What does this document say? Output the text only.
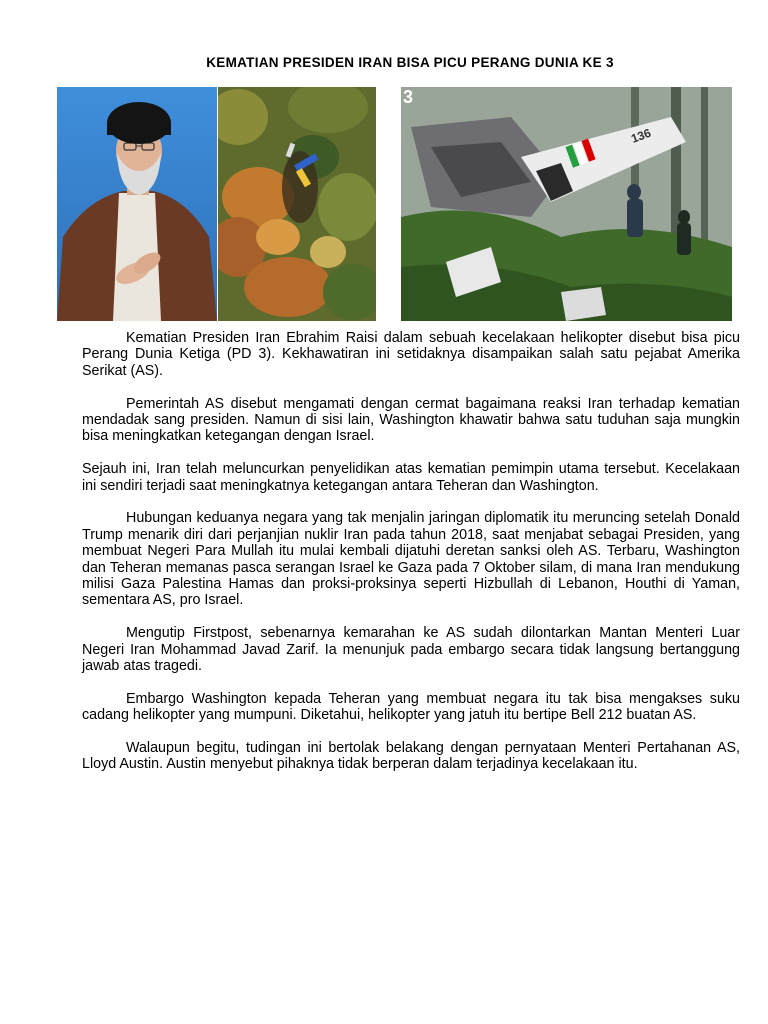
KEMATIAN PRESIDEN IRAN BISA PICU PERANG DUNIA KE 3
3
136

Kematian Presiden Iran Ebrahim Raisi dalam sebuah kecelakaan helikopter disebut bisa picu Perang Dunia Ketiga (PD 3). Kekhawatiran ini setidaknya disampaikan salah satu pejabat Amerika Serikat (AS).

Pemerintah AS disebut mengamati dengan cermat bagaimana reaksi Iran terhadap kematian mendadak sang presiden. Namun di sisi lain, Washington khawatir bahwa satu tuduhan saja mungkin bisa meningkatkan ketegangan dengan Israel.

Sejauh ini, Iran telah meluncurkan penyelidikan atas kematian pemimpin utama tersebut. Kecelakaan ini sendiri terjadi saat meningkatnya ketegangan antara Teheran dan Washington.

Hubungan keduanya negara yang tak menjalin jaringan diplomatik itu meruncing setelah Donald Trump menarik diri dari perjanjian nuklir Iran pada tahun 2018, saat menjabat sebagai Presiden, yang membuat Negeri Para Mullah itu mulai kembali dijatuhi deretan sanksi oleh AS. Terbaru, Washington dan Teheran memanas pasca serangan Israel ke Gaza pada 7 Oktober silam, di mana Iran mendukung milisi Gaza Palestina Hamas dan proksi-proksinya seperti Hizbullah di Lebanon, Houthi di Yaman, sementara AS, pro Israel.

Mengutip Firstpost, sebenarnya kemarahan ke AS sudah dilontarkan Mantan Menteri Luar Negeri Iran Mohammad Javad Zarif. Ia menunjuk pada embargo secara tidak langsung bertanggung jawab atas tragedi.

Embargo Washington kepada Teheran yang membuat negara itu tak bisa mengakses suku cadang helikopter yang mumpuni. Diketahui, helikopter yang jatuh itu bertipe Bell 212 buatan AS.

Walaupun begitu, tudingan ini bertolak belakang dengan pernyataan Menteri Pertahanan AS, Lloyd Austin. Austin menyebut pihaknya tidak berperan dalam terjadinya kecelakaan itu.
